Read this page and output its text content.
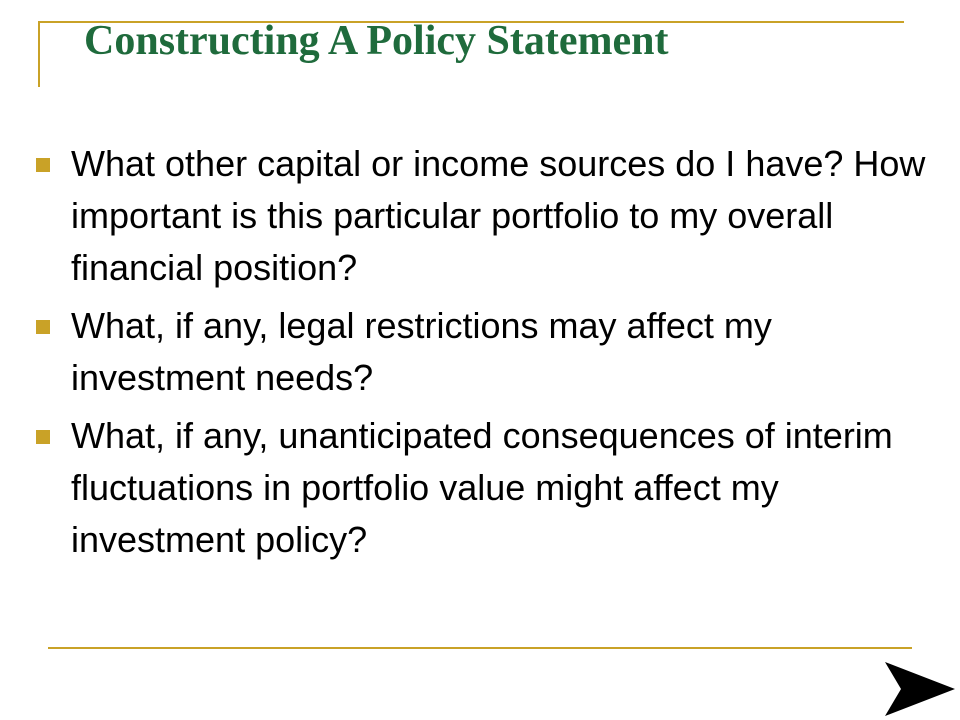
Constructing A Policy Statement
What other capital or income sources do I have? How important is this particular portfolio to my overall financial position?
What, if any, legal restrictions may affect my investment needs?
What, if any, unanticipated consequences of interim fluctuations in portfolio value might affect my investment policy?
